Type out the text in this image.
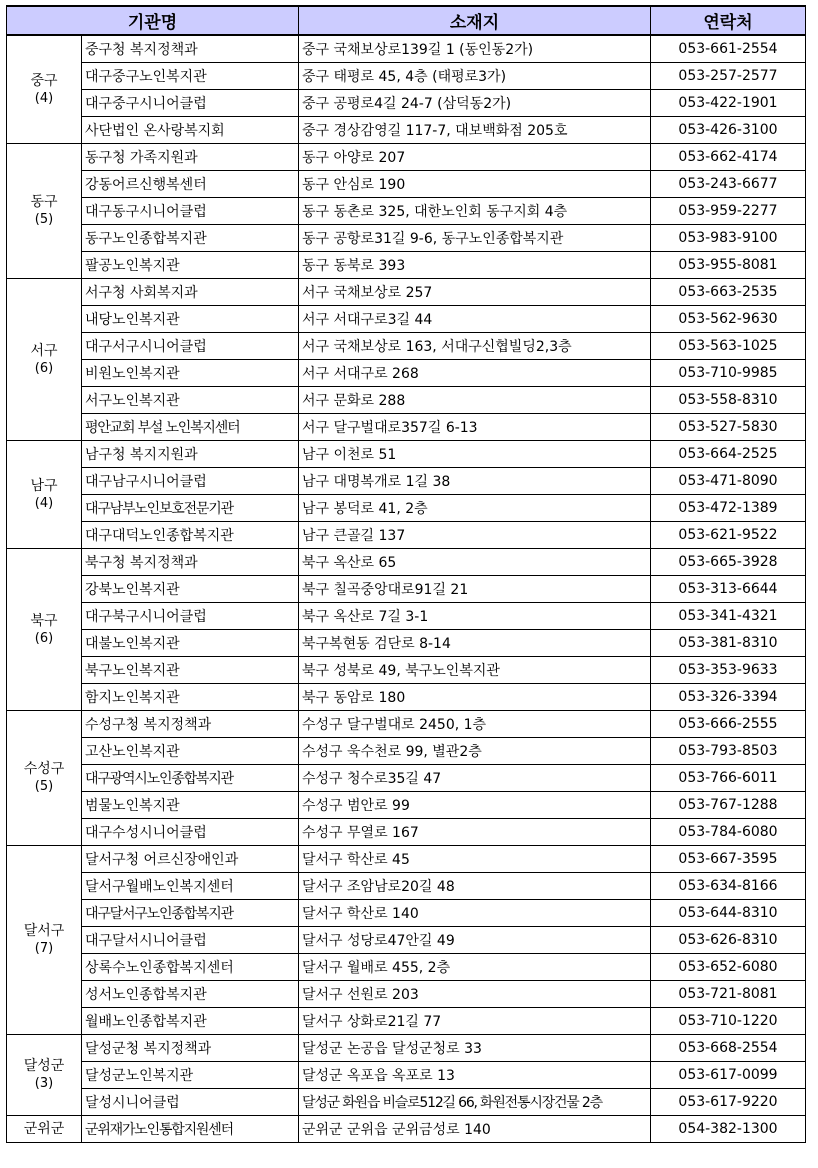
기관명		소재지	연락처

중구
(4)	중구청 복지정책과	중구 국채보상로139길 1 (동인동2가)	053-661-2554
	대구중구노인복지관	중구 태평로 45, 4층 (태평로3가)	053-257-2577
	대구중구시니어클럽	중구 공평로4길 24-7 (삼덕동2가)	053-422-1901
	사단법인 온사랑복지회	중구 경상감영길 117-7, 대보백화점 205호	053-426-3100

동구
(5)	동구청 가족지원과	동구 아양로 207	053-662-4174
	강동어르신행복센터	동구 안심로 190	053-243-6677
	대구동구시니어클럽	동구 동촌로 325, 대한노인회 동구지회 4층	053-959-2277
	동구노인종합복지관	동구 공항로31길 9-6, 동구노인종합복지관	053-983-9100
	팔공노인복지관	동구 동북로 393	053-955-8081

서구
(6)	서구청 사회복지과	서구 국채보상로 257	053-663-2535
	내당노인복지관	서구 서대구로3길 44	053-562-9630
	대구서구시니어클럽	서구 국채보상로 163, 서대구신협빌딩2,3층	053-563-1025
	비원노인복지관	서구 서대구로 268	053-710-9985
	서구노인복지관	서구 문화로 288	053-558-8310
	평안교회 부설 노인복지센터	서구 달구벌대로357길 6-13	053-527-5830

남구
(4)	남구청 복지지원과	남구 이천로 51	053-664-2525
	대구남구시니어클럽	남구 대명복개로 1길 38	053-471-8090
	대구남부노인보호전문기관	남구 봉덕로 41, 2층	053-472-1389
	대구대덕노인종합복지관	남구 큰골길 137	053-621-9522

북구
(6)	북구청 복지정책과	북구 옥산로 65	053-665-3928
	강북노인복지관	북구 칠곡중앙대로91길 21	053-313-6644
	대구북구시니어클럽	북구 옥산로 7길 3-1	053-341-4321
	대불노인복지관	북구복현동 검단로 8-14	053-381-8310
	북구노인복지관	북구 성북로 49, 북구노인복지관	053-353-9633
	함지노인복지관	북구 동암로 180	053-326-3394

수성구
(5)	수성구청 복지정책과	수성구 달구벌대로 2450, 1층	053-666-2555
	고산노인복지관	수성구 욱수천로 99, 별관2층	053-793-8503
	대구광역시노인종합복지관	수성구 청수로35길 47	053-766-6011
	범물노인복지관	수성구 범안로 99	053-767-1288
	대구수성시니어클럽	수성구 무열로 167	053-784-6080

달서구
(7)	달서구청 어르신장애인과	달서구 학산로 45	053-667-3595
	달서구월배노인복지센터	달서구 조암남로20길 48	053-634-8166
	대구달서구노인종합복지관	달서구 학산로 140	053-644-8310
	대구달서시니어클럽	달서구 성당로47안길 49	053-626-8310
	상록수노인종합복지센터	달서구 월배로 455, 2층	053-652-6080
	성서노인종합복지관	달서구 선원로 203	053-721-8081
	월배노인종합복지관	달서구 상화로21길 77	053-710-1220

달성군
(3)	달성군청 복지정책과	달성군 논공읍 달성군청로 33	053-668-2554
	달성군노인복지관	달성군 옥포읍 옥포로 13	053-617-0099
	달성시니어클럽	달성군 화원읍 비슬로512길 66, 화원전통시장건물 2층	053-617-9220

군위군	군위재가노인통합지원센터	군위군 군위읍 군위금성로 140	054-382-1300
